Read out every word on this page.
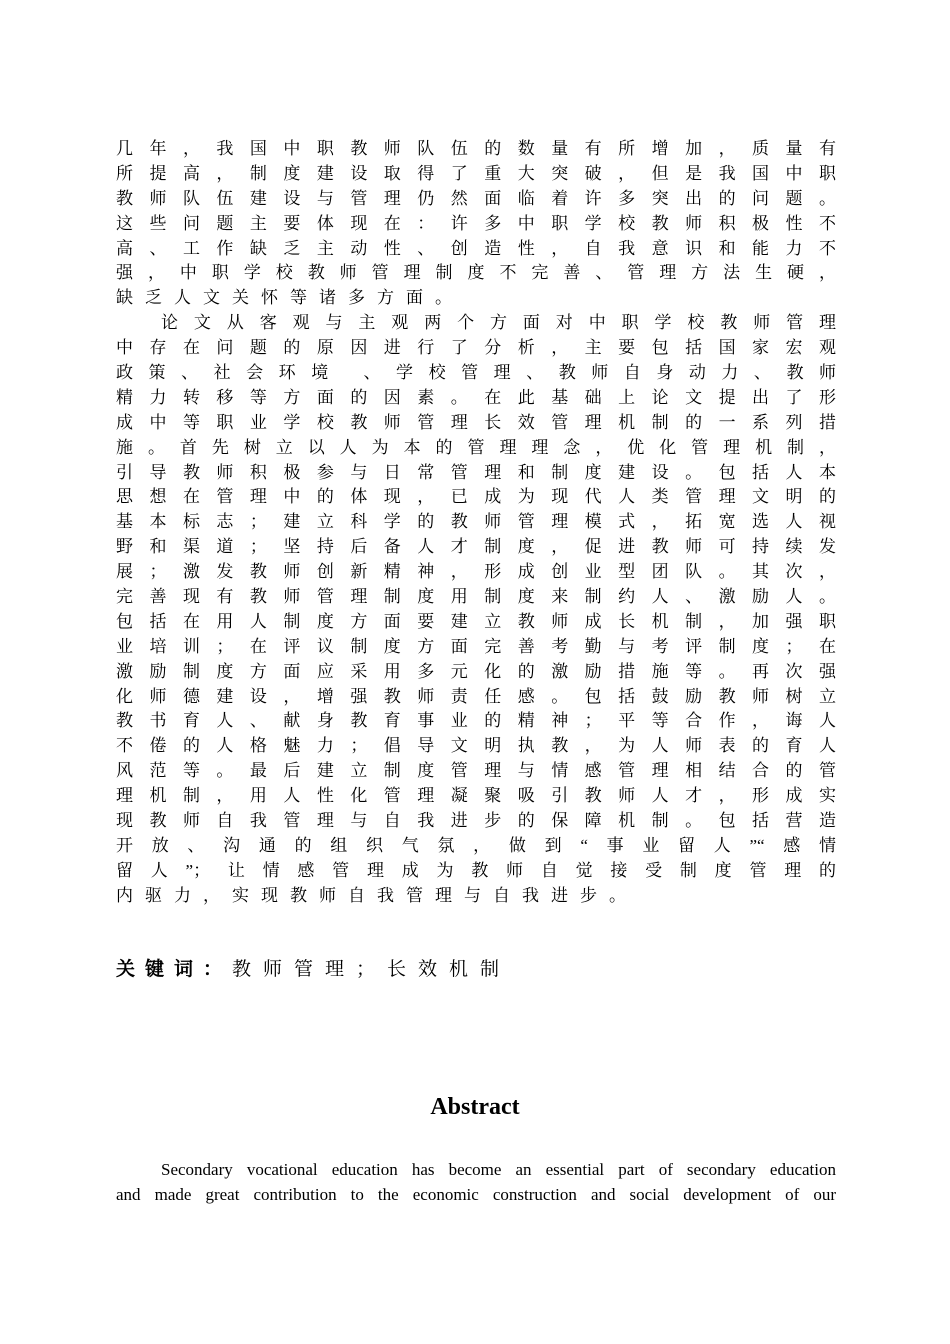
几年，我国中职教师队伍的数量有所增加，质量有
所提高，制度建设取得了重大突破，但是我国中职
教师队伍建设与管理仍然面临着许多突出的问题。
这些问题主要体现在：许多中职学校教师积极性不
高、工作缺乏主动性、创造性，自我意识和能力不
强，中职学校教师管理制度不完善、管理方法生硬，
缺乏人文关怀等诸多方面。
论文从客观与主观两个方面对中职学校教师管理
中存在问题的原因进行了分析，主要包括国家宏观
政策、社会环境 、学校管理、教师自身动力、教师
精力转移等方面的因素。在此基础上论文提出了形
成中等职业学校教师管理长效管理机制的一系列措
施。首先树立以人为本的管理理念，优化管理机制，
引导教师积极参与日常管理和制度建设。包括人本
思想在管理中的体现，已成为现代人类管理文明的
基本标志；建立科学的教师管理模式，拓宽选人视
野和渠道；坚持后备人才制度，促进教师可持续发
展；激发教师创新精神，形成创业型团队。其次，
完善现有教师管理制度用制度来制约人、激励人。
包括在用人制度方面要建立教师成长机制，加强职
业培训；在评议制度方面完善考勤与考评制度；在
激励制度方面应采用多元化的激励措施等。再次强
化师德建设，增强教师责任感。包括鼓励教师树立
教书育人、献身教育事业的精神；平等合作，诲人
不倦的人格魅力；倡导文明执教，为人师表的育人
风范等。最后建立制度管理与情感管理相结合的管
理机制，用人性化管理凝聚吸引教师人才，形成实
现教师自我管理与自我进步的保障机制。包括营造
开放、沟通的组织气氛，做到“事业留人”“感情
留人”；让情感管理成为教师自觉接受制度管理的
内驱力，实现教师自我管理与自我进步。
关键词：教师管理；长效机制
Abstract
Secondary vocational education has become an essential part of secondary education
and made great contribution to the economic construction and social development of our
